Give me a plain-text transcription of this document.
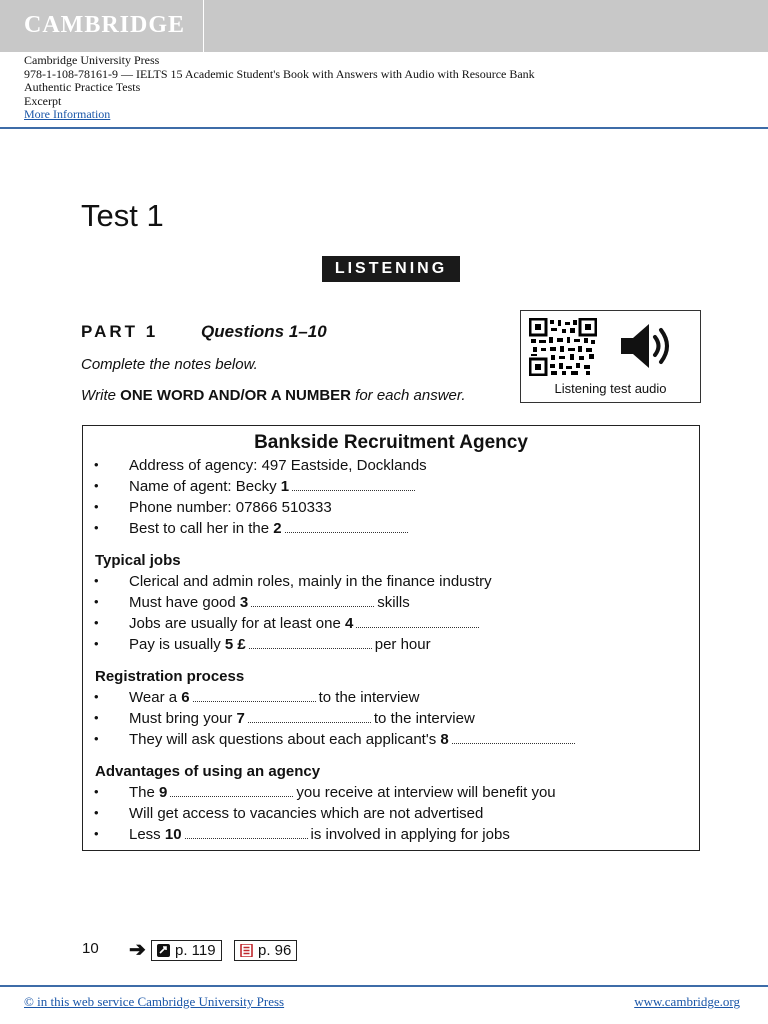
CAMBRIDGE
Cambridge University Press
978-1-108-78161-9 — IELTS 15 Academic Student's Book with Answers with Audio with Resource Bank
Authentic Practice Tests
Excerpt
More Information
Test 1
LISTENING
PART 1	Questions 1–10
Complete the notes below.
Write ONE WORD AND/OR A NUMBER for each answer.	Listening test audio
Bankside Recruitment Agency
• Address of agency: 497 Eastside, Docklands
• Name of agent: Becky 1
• Phone number: 07866 510333
• Best to call her in the 2
Typical jobs
• Clerical and admin roles, mainly in the finance industry
• Must have good 3	skills
• Jobs are usually for at least one 4
• Pay is usually 5 £	per hour
Registration process
• Wear a 6	to the interview
• Must bring your 7	to the interview
• They will ask questions about each applicant's 8
Advantages of using an agency
• The 9	you receive at interview will benefit you
• Will get access to vacancies which are not advertised
• Less 10	is involved in applying for jobs
10 ➔	p. 119	p. 96
© in this web service Cambridge University Press	www.cambridge.org
